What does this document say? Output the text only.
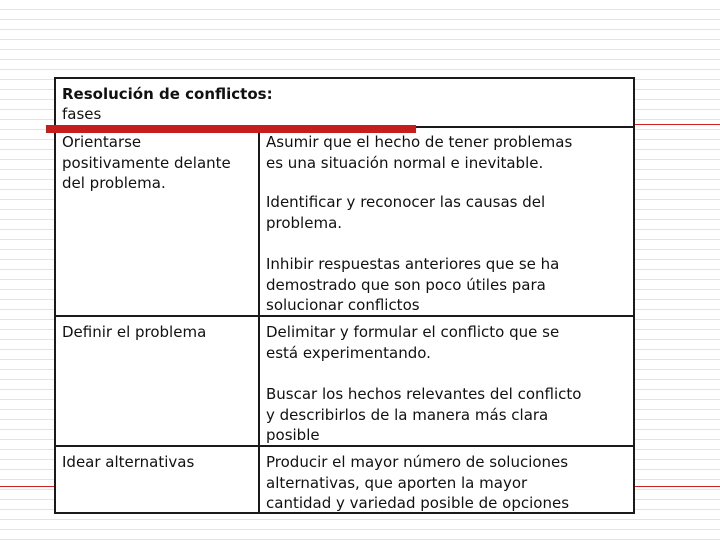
Resolución de conflictos:
fases
Orientarse
positivamente delante
del problema.
Asumir que el hecho de tener problemas
es una situación normal e inevitable.
Identificar y reconocer las causas del
problema.
Inhibir respuestas anteriores que se ha
demostrado que son poco útiles para
solucionar conflictos
Definir el problema	Delimitar y formular el conflicto que se
está experimentando.
Buscar los hechos relevantes del conflicto
y describirlos de la manera más clara
posible
Idear alternativas	Producir el mayor número de soluciones
alternativas, que aporten la mayor
cantidad y variedad posible de opciones
